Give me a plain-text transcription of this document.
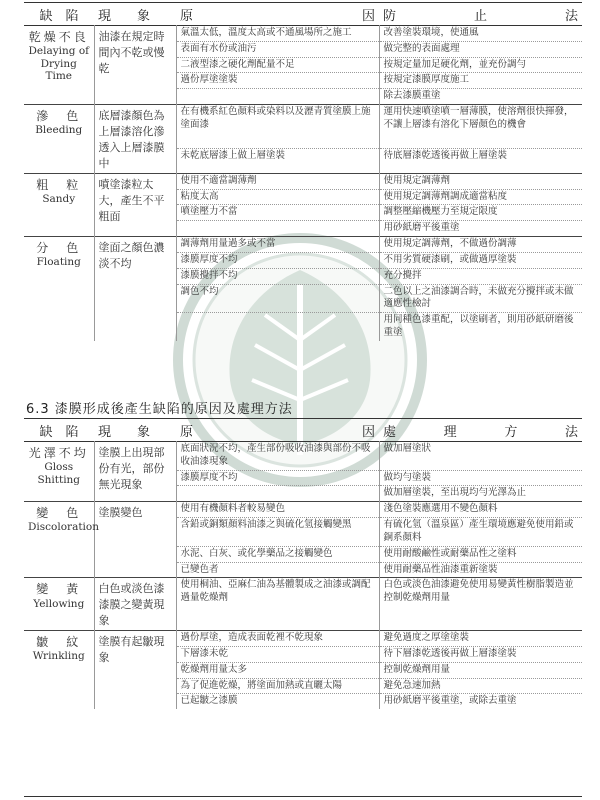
缺　陷	現　　象	原 因	防 止 法

乾燥不良
Delaying of Drying Time	油漆在規定時間內不乾或慢乾	氣溫太低，溫度太高或不通風場所之施工	改善塗裝環境，使通風
		表面有水份或油污	做完整的表面處理
		二液型漆之硬化劑配量不足	按規定量加足硬化劑，並充份調勻
		過份厚塗塗裝	按規定漆膜厚度施工
			除去漆膜重塗

滲　色
Bleeding	底層漆顏色為上層漆溶化滲透入上層漆膜中	在有機系紅色顏料或染料以及瀝青質塗膜上施塗面漆	運用快速噴塗噴一層薄膜，使溶劑很快揮發，不讓上層漆有溶化下層顏色的機會
		未乾底層漆上做上層塗裝	待底層漆乾透後再做上層塗裝

粗　粒
Sandy	噴塗漆粒太大，產生不平粗面	使用不適當調薄劑	使用規定調薄劑
		粘度太高	使用規定調薄劑調成適當粘度
		噴塗壓力不當	調整壓縮機壓力至規定限度
			用砂紙磨平後重塗

分　色
Floating	塗面之顏色濃淡不均	調薄劑用量過多或不當	使用規定調薄劑，不做過份調薄
		漆膜厚度不均	不用劣質硬漆刷，或做過厚塗裝
		漆膜攪拌不均	充分攪拌
		調色不均	二色以上之油漆調合時，未做充分攪拌或未做適應性檢討
			用同種色漆重配，以塗刷者，則用砂紙研磨後重塗
6.3 漆膜形成後產生缺陷的原因及處理方法
缺　陷	現　　象	原 因	處 理 方 法

光澤不均
Gloss Shitting	塗膜上出現部份有光，部份無光現象	底面狀況不均，產生部份吸收油漆與部份不吸收油漆現象	做加層塗狀
		漆膜厚度不均	做均勻塗裝
			做加層塗裝，至出現均勻光澤為止

變　色
Discoloration	塗膜變色	使用有機顏料者較易變色	淺色塗裝應選用不變色顏料
		含鉛或銅類顏料油漆之與硫化氫接觸變黑	有硫化氫（溫泉區）產生環境應避免使用鉛或銅系顏料
		水泥、白灰、或化學藥品之接觸變色	使用耐酸鹼性或耐藥品性之塗料
		已變色者	使用耐藥品性油漆重新塗裝

變　黃
Yellowing	白色或淡色漆漆膜之變黃現象	使用桐油、亞麻仁油為基體製成之油漆或調配過量乾燥劑	白色或淡色油漆避免使用易變黃性樹脂製造並控制乾燥劑用量

皺　紋
Wrinkling	塗膜有起皺現象	過份厚塗，造成表面乾裡不乾現象	避免過度之厚塗塗裝
		下層漆未乾	待下層漆乾透後再做上層漆塗裝
		乾燥劑用量太多	控制乾燥劑用量
		為了促進乾燥，將塗面加熱或直曬太陽	避免急速加熱
		已起皺之漆膜	用砂紙磨平後重塗，或除去重塗
